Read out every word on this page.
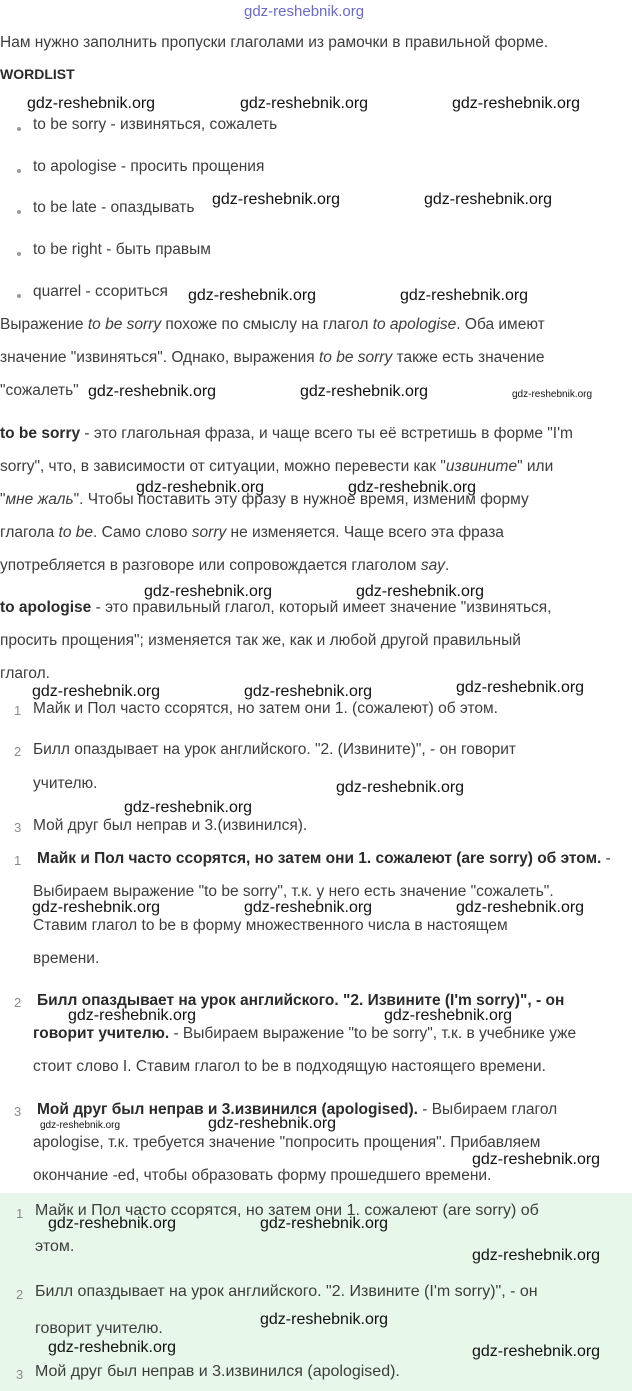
gdz-reshebnik.org
Нам нужно заполнить пропуски глаголами из рамочки в правильной форме.
WORDLIST
to be sorry - извиняться, сожалеть
to apologise - просить прощения
to be late - опаздывать
to be right - быть правым
quarrel - ссориться
Выражение to be sorry похоже по смыслу на глагол to apologise. Оба имеют
значение "извиняться". Однако, выражения to be sorry также есть значение
"сожалеть"
to be sorry - это глагольная фраза, и чаще всего ты её встретишь в форме "I'm
sorry", что, в зависимости от ситуации, можно перевести как "извините" или
"мне жаль". Чтобы поставить эту фразу в нужное время, изменим форму
глагола to be. Само слово sorry не изменяется. Чаще всего эта фраза
употребляется в разговоре или сопровождается глаголом say.
to apologise - это правильный глагол, который имеет значение "извиняться,
просить прощения"; изменяется так же, как и любой другой правильный
глагол.
1 Майк и Пол часто ссорятся, но затем они 1. (сожалеют) об этом.
2 Билл опаздывает на урок английского. "2. (Извините)", - он говорит
учителю.
3 Мой друг был неправ и 3.(извинился).
1 Майк и Пол часто ссорятся, но затем они 1. сожалеют (are sorry) об этом. -
Выбираем выражение "to be sorry", т.к. у него есть значение "сожалеть".
Ставим глагол to be в форму множественного числа в настоящем
времени.
2 Билл опаздывает на урок английского. "2. Извините (I'm sorry)", - он
говорит учителю. - Выбираем выражение "to be sorry", т.к. в учебнике уже
стоит слово I. Ставим глагол to be в подходящую настоящего времени.
3 Мой друг был неправ и 3.извинился (apologised). - Выбираем глагол
apologise, т.к. требуется значение "попросить прощения". Прибавляем
окончание -ed, чтобы образовать форму прошедшего времени.
1 Майк и Пол часто ссорятся, но затем они 1. сожалеют (are sorry) об
этом.
2 Билл опаздывает на урок английского. "2. Извините (I'm sorry)", - он
говорит учителю.
3 Мой друг был неправ и 3.извинился (apologised).
gdz-reshebnik.org	gdz-reshebnik.org	gdz-reshebnik.org
gdz-reshebnik.org	gdz-reshebnik.org
gdz-reshebnik.org	gdz-reshebnik.org
gdz-reshebnik.org	gdz-reshebnik.org	gdz-reshebnik.org
gdz-reshebnik.org	gdz-reshebnik.org
gdz-reshebnik.org	gdz-reshebnik.org
gdz-reshebnik.org	gdz-reshebnik.org	gdz-reshebnik.org
gdz-reshebnik.org
gdz-reshebnik.org
gdz-reshebnik.org	gdz-reshebnik.org	gdz-reshebnik.org
gdz-reshebnik.org	gdz-reshebnik.org
gdz-reshebnik.org	gdz-reshebnik.org
gdz-reshebnik.org
gdz-reshebnik.org	gdz-reshebnik.org
gdz-reshebnik.org
gdz-reshebnik.org
gdz-reshebnik.org	gdz-reshebnik.org
